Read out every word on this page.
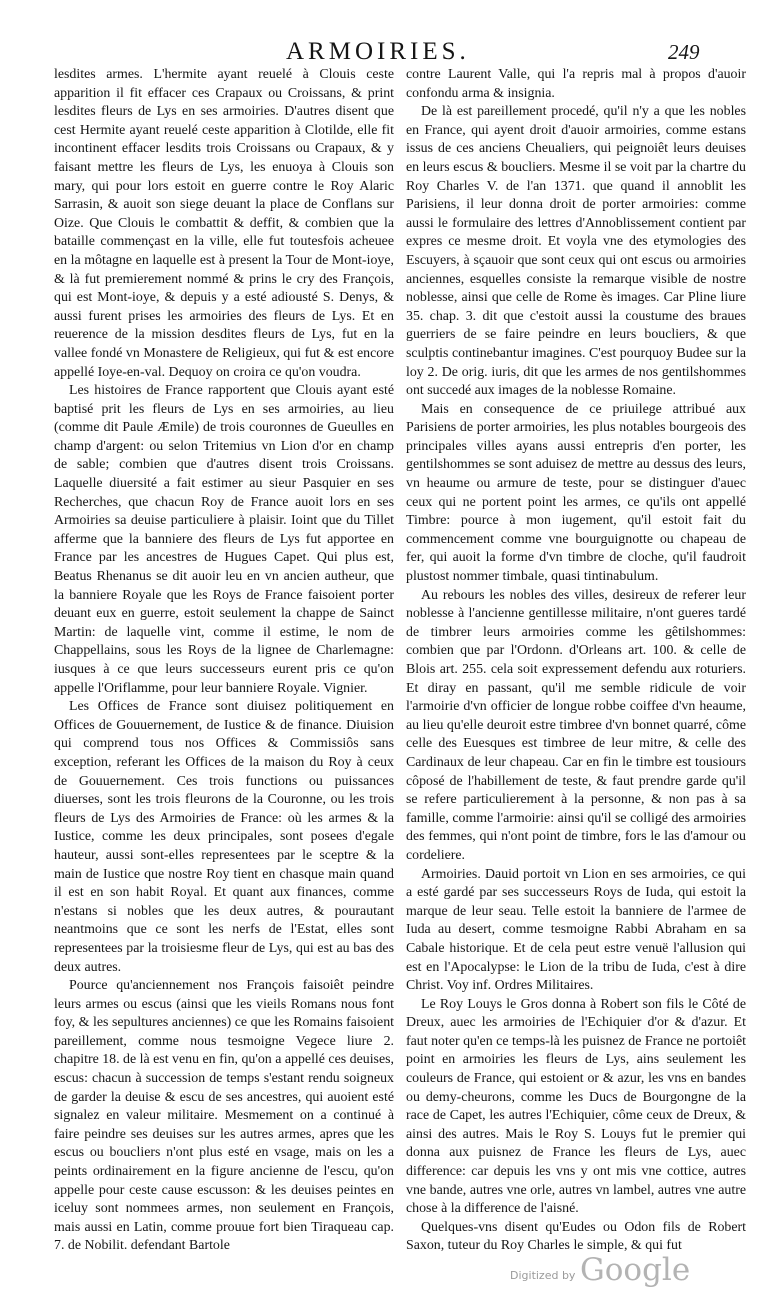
ARMOIRIES.	249

lesdites armes. L'hermite ayant reuelé à Clouis ceste apparition il fit effacer ces Crapaux ou Croissans, & print lesdites fleurs de Lys en ses armoiries. D'autres disent que cest Hermite ayant reuelé ceste apparition à Clotilde, elle fit incontinent effacer lesdits trois Croissans ou Crapaux, & y faisant mettre les fleurs de Lys, les enuoya à Clouis son mary, qui pour lors estoit en guerre contre le Roy Alaric Sarrasin, & auoit son siege deuant la place de Conflans sur Oize. Que Clouis le combattit & deffit, & combien que la bataille commençast en la ville, elle fut toutesfois acheuee en la môtagne en laquelle est à present la Tour de Mont-ioye, & là fut premierement nommé & prins le cry des François, qui est Mont-ioye, & depuis y a esté adiousté S. Denys, & aussi furent prises les armoiries des fleurs de Lys. Et en reuerence de la mission desdites fleurs de Lys, fut en la vallee fondé vn Monastere de Religieux, qui fut & est encore appellé Ioye-en-val. Dequoy on croira ce qu'on voudra.

Les histoires de France rapportent que Clouis ayant esté baptisé prit les fleurs de Lys en ses armoiries, au lieu (comme dit Paule Æmile) de trois couronnes de Gueulles en champ d'argent: ou selon Tritemius vn Lion d'or en champ de sable; combien que d'autres disent trois Croissans. Laquelle diuersité a fait estimer au sieur Pasquier en ses Recherches, que chacun Roy de France auoit lors en ses Armoiries sa deuise particuliere à plaisir. Ioint que du Tillet afferme que la banniere des fleurs de Lys fut apportee en France par les ancestres de Hugues Capet. Qui plus est, Beatus Rhenanus se dit auoir leu en vn ancien autheur, que la banniere Royale que les Roys de France faisoient porter deuant eux en guerre, estoit seulement la chappe de Sainct Martin: de laquelle vint, comme il estime, le nom de Chappellains, sous les Roys de la lignee de Charlemagne: iusques à ce que leurs successeurs eurent pris ce qu'on appelle l'Oriflamme, pour leur banniere Royale. Vignier.

Les Offices de France sont diuisez politiquement en Offices de Gouuernement, de Iustice & de finance. Diuision qui comprend tous nos Offices & Commissiôs sans exception, referant les Offices de la maison du Roy à ceux de Gouuernement. Ces trois functions ou puissances diuerses, sont les trois fleurons de la Couronne, ou les trois fleurs de Lys des Armoiries de France: où les armes & la Iustice, comme les deux principales, sont posees d'egale hauteur, aussi sont-elles representees par le sceptre & la main de Iustice que nostre Roy tient en chasque main quand il est en son habit Royal. Et quant aux finances, comme n'estans si nobles que les deux autres, & pourautant neantmoins que ce sont les nerfs de l'Estat, elles sont representees par la troisiesme fleur de Lys, qui est au bas des deux autres.

Pource qu'anciennement nos François faisoiêt peindre leurs armes ou escus (ainsi que les vieils Romans nous font foy, & les sepultures anciennes) ce que les Romains faisoient pareillement, comme nous tesmoigne Vegece liure 2. chapitre 18. de là est venu en fin, qu'on a appellé ces deuises, escus: chacun à succession de temps s'estant rendu soigneux de garder la deuise & escu de ses ancestres, qui auoient esté signalez en valeur militaire. Mesmement on a continué à faire peindre ses deuises sur les autres armes, apres que les escus ou boucliers n'ont plus esté en vsage, mais on les a peints ordinairement en la figure ancienne de l'escu, qu'on appelle pour ceste cause escusson: & les deuises peintes en iceluy sont nommees armes, non seulement en François, mais aussi en Latin, comme prouue fort bien Tiraqueau cap. 7. de Nobilit. defendant Bartole

contre Laurent Valle, qui l'a repris mal à propos d'auoir confondu arma & insignia.

De là est pareillement procedé, qu'il n'y a que les nobles en France, qui ayent droit d'auoir armoiries, comme estans issus de ces anciens Cheualiers, qui peignoiêt leurs deuises en leurs escus & boucliers. Mesme il se voit par la chartre du Roy Charles V. de l'an 1371. que quand il annoblit les Parisiens, il leur donna droit de porter armoiries: comme aussi le formulaire des lettres d'Annoblissement contient par expres ce mesme droit. Et voyla vne des etymologies des Escuyers, à sçauoir que sont ceux qui ont escus ou armoiries anciennes, esquelles consiste la remarque visible de nostre noblesse, ainsi que celle de Rome ès images. Car Pline liure 35. chap. 3. dit que c'estoit aussi la coustume des braues guerriers de se faire peindre en leurs boucliers, & que sculptis continebantur imagines. C'est pourquoy Budee sur la loy 2. De orig. iuris, dit que les armes de nos gentilshommes ont succedé aux images de la noblesse Romaine.

Mais en consequence de ce priuilege attribué aux Parisiens de porter armoiries, les plus notables bourgeois des principales villes ayans aussi entrepris d'en porter, les gentilshommes se sont aduisez de mettre au dessus des leurs, vn heaume ou armure de teste, pour se distinguer d'auec ceux qui ne portent point les armes, ce qu'ils ont appellé Timbre: pource à mon iugement, qu'il estoit fait du commencement comme vne bourguignotte ou chapeau de fer, qui auoit la forme d'vn timbre de cloche, qu'il faudroit plustost nommer timbale, quasi tintinabulum.

Au rebours les nobles des villes, desireux de referer leur noblesse à l'ancienne gentillesse militaire, n'ont gueres tardé de timbrer leurs armoiries comme les gêtilshommes: combien que par l'Ordonn. d'Orleans art. 100. & celle de Blois art. 255. cela soit expressement defendu aux roturiers. Et diray en passant, qu'il me semble ridicule de voir l'armoirie d'vn officier de longue robbe coiffee d'vn heaume, au lieu qu'elle deuroit estre timbree d'vn bonnet quarré, côme celle des Euesques est timbree de leur mitre, & celle des Cardinaux de leur chapeau. Car en fin le timbre est tousiours côposé de l'habillement de teste, & faut prendre garde qu'il se refere particulierement à la personne, & non pas à sa famille, comme l'armoirie: ainsi qu'il se colligé des armoiries des femmes, qui n'ont point de timbre, fors le las d'amour ou cordeliere.

Armoiries. Dauid portoit vn Lion en ses armoiries, ce qui a esté gardé par ses successeurs Roys de Iuda, qui estoit la marque de leur seau. Telle estoit la banniere de l'armee de Iuda au desert, comme tesmoigne Rabbi Abraham en sa Cabale historique. Et de cela peut estre venuë l'allusion qui est en l'Apocalypse: le Lion de la tribu de Iuda, c'est à dire Christ. Voy inf. Ordres Militaires.

Le Roy Louys le Gros donna à Robert son fils le Côté de Dreux, auec les armoiries de l'Echiquier d'or & d'azur. Et faut noter qu'en ce temps-là les puisnez de France ne portoiêt point en armoiries les fleurs de Lys, ains seulement les couleurs de France, qui estoient or & azur, les vns en bandes ou demy-cheurons, comme les Ducs de Bourgongne de la race de Capet, les autres l'Echiquier, côme ceux de Dreux, & ainsi des autres. Mais le Roy S. Louys fut le premier qui donna aux puisnez de France les fleurs de Lys, auec difference: car depuis les vns y ont mis vne cottice, autres vne bande, autres vne orle, autres vn lambel, autres vne autre chose à la difference de l'aisné.

Quelques-vns disent qu'Eudes ou Odon fils de Robert Saxon, tuteur du Roy Charles le simple, & qui fut

Digitized by Google
